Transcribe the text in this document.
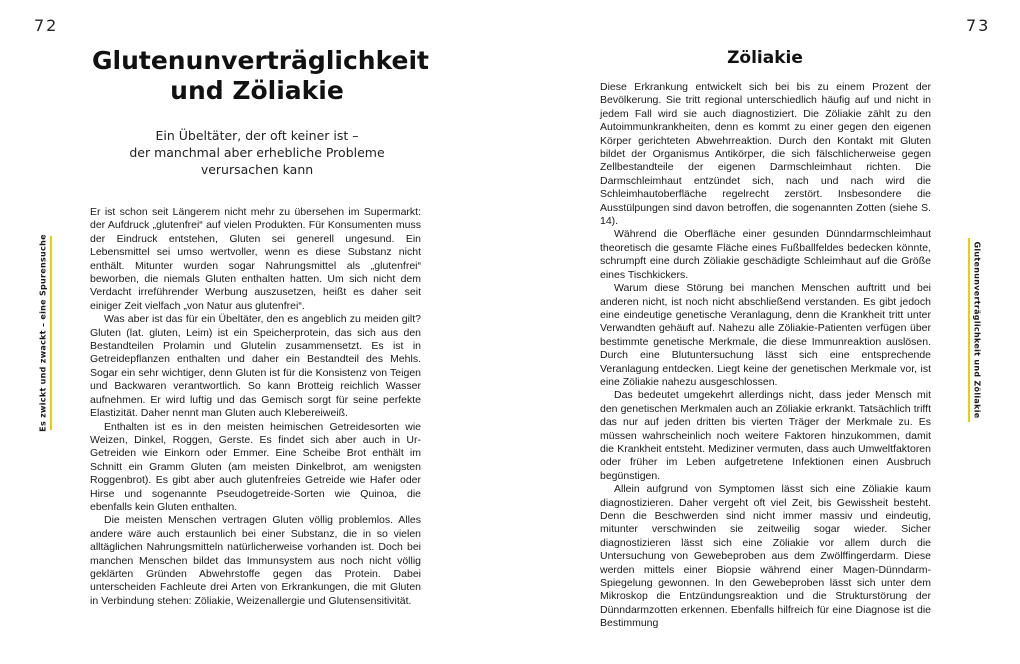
72	73
Es zwickt und zwackt – eine Spurensuche	Glutenunverträglichkeit und Zöliakie
Glutenunverträglichkeit
und Zöliakie
Ein Übeltäter, der oft keiner ist –
der manchmal aber erhebliche Probleme
verursachen kann

Er ist schon seit Längerem nicht mehr zu übersehen im Supermarkt: der Aufdruck „glutenfrei“ auf vielen Produkten. Für Konsumenten muss der Eindruck entstehen, Gluten sei generell ungesund. Ein Lebensmittel sei umso wertvoller, wenn es diese Substanz nicht enthält. Mitunter wurden sogar Nahrungsmittel als „glutenfrei“ beworben, die niemals Gluten enthalten hatten. Um sich nicht dem Verdacht irreführender Werbung auszusetzen, heißt es daher seit einiger Zeit vielfach „von Natur aus glutenfrei“.

Was aber ist das für ein Übeltäter, den es angeblich zu meiden gilt? Gluten (lat. gluten, Leim) ist ein Speicherprotein, das sich aus den Bestandteilen Prolamin und Glutelin zusammensetzt. Es ist in Getreidepflanzen enthalten und daher ein Bestandteil des Mehls. Sogar ein sehr wichtiger, denn Gluten ist für die Konsistenz von Teigen und Backwaren verantwortlich. So kann Brotteig reichlich Wasser aufnehmen. Er wird luftig und das Gemisch sorgt für seine perfekte Elastizität. Daher nennt man Gluten auch Klebereiweiß.

Enthalten ist es in den meisten heimischen Getreidesorten wie Weizen, Dinkel, Roggen, Gerste. Es findet sich aber auch in Ur-Getreiden wie Einkorn oder Emmer. Eine Scheibe Brot enthält im Schnitt ein Gramm Gluten (am meisten Dinkelbrot, am wenigsten Roggenbrot). Es gibt aber auch glutenfreies Getreide wie Hafer oder Hirse und sogenannte Pseudogetreide-Sorten wie Quinoa, die ebenfalls kein Gluten enthalten.

Die meisten Menschen vertragen Gluten völlig problemlos. Alles andere wäre auch erstaunlich bei einer Substanz, die in so vielen alltäglichen Nahrungsmitteln natürlicherweise vorhanden ist. Doch bei manchen Menschen bildet das Immunsystem aus noch nicht völlig geklärten Gründen Abwehrstoffe gegen das Protein. Dabei unterscheiden Fachleute drei Arten von Erkrankungen, die mit Gluten in Verbindung stehen: Zöliakie, Weizenallergie und Glutensensitivität.

Zöliakie

Diese Erkrankung entwickelt sich bei bis zu einem Prozent der Bevölkerung. Sie tritt regional unterschiedlich häufig auf und nicht in jedem Fall wird sie auch diagnostiziert. Die Zöliakie zählt zu den Autoimmunkrankheiten, denn es kommt zu einer gegen den eigenen Körper gerichteten Abwehrreaktion. Durch den Kontakt mit Gluten bildet der Organismus Antikörper, die sich fälschlicherweise gegen Zellbestandteile der eigenen Darmschleimhaut richten. Die Darmschleimhaut entzündet sich, nach und nach wird die Schleimhautoberfläche regelrecht zerstört. Insbesondere die Ausstülpungen sind davon betroffen, die sogenannten Zotten (siehe S. 14).

Während die Oberfläche einer gesunden Dünndarmschleimhaut theoretisch die gesamte Fläche eines Fußballfeldes bedecken könnte, schrumpft eine durch Zöliakie geschädigte Schleimhaut auf die Größe eines Tischkickers.

Warum diese Störung bei manchen Menschen auftritt und bei anderen nicht, ist noch nicht abschließend verstanden. Es gibt jedoch eine eindeutige genetische Veranlagung, denn die Krankheit tritt unter Verwandten gehäuft auf. Nahezu alle Zöliakie-Patienten verfügen über bestimmte genetische Merkmale, die diese Immunreaktion auslösen. Durch eine Blutuntersuchung lässt sich eine entsprechende Veranlagung entdecken. Liegt keine der genetischen Merkmale vor, ist eine Zöliakie nahezu ausgeschlossen.

Das bedeutet umgekehrt allerdings nicht, dass jeder Mensch mit den genetischen Merkmalen auch an Zöliakie erkrankt. Tatsächlich trifft das nur auf jeden dritten bis vierten Träger der Merkmale zu. Es müssen wahrscheinlich noch weitere Faktoren hinzukommen, damit die Krankheit entsteht. Mediziner vermuten, dass auch Umweltfaktoren oder früher im Leben aufgetretene Infektionen einen Ausbruch begünstigen.

Allein aufgrund von Symptomen lässt sich eine Zöliakie kaum diagnostizieren. Daher vergeht oft viel Zeit, bis Gewissheit besteht. Denn die Beschwerden sind nicht immer massiv und eindeutig, mitunter verschwinden sie zeitweilig sogar wieder. Sicher diagnostizieren lässt sich eine Zöliakie vor allem durch die Untersuchung von Gewebeproben aus dem Zwölffingerdarm. Diese werden mittels einer Biopsie während einer Magen-Dünndarm-Spiegelung gewonnen. In den Gewebeproben lässt sich unter dem Mikroskop die Entzündungsreaktion und die Strukturstörung der Dünndarmzotten erkennen. Ebenfalls hilfreich für eine Diagnose ist die Bestimmung
